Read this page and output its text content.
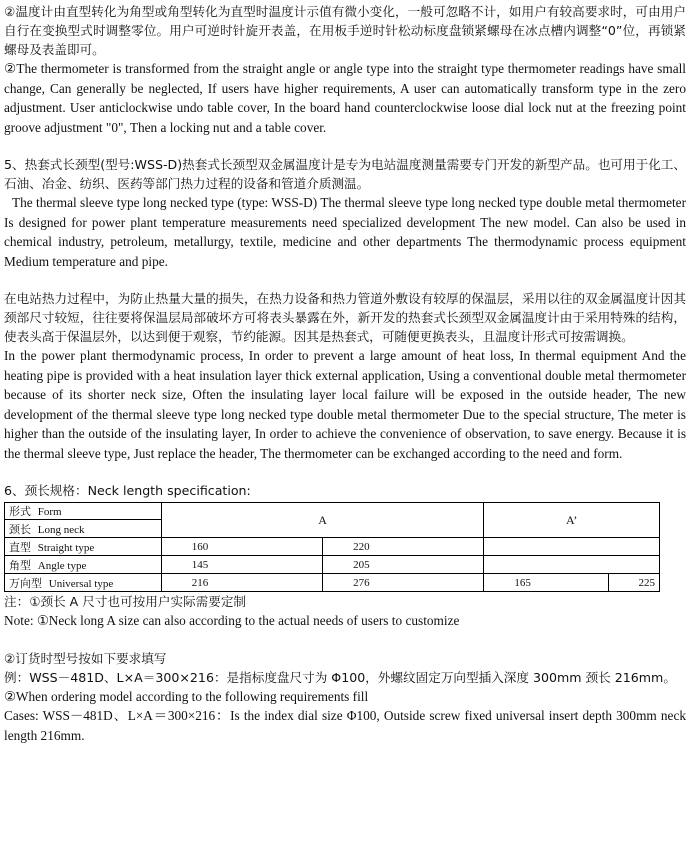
②温度计由直型转化为角型或角型转化为直型时温度计示值有微小变化，一般可忽略不计，如用户有较高要求时，可由用户自行在变换型式时调整零位。用户可逆时针旋开表盖，在用板手逆时针松动标度盘锁紧螺母在冰点槽内调整“0”位，再锁紧螺母及表盖即可。

②The thermometer is transformed from the straight angle or angle type into the straight type thermometer readings have small change, Can generally be neglected, If users have higher requirements, A user can automatically transform type in the zero adjustment. User anticlockwise undo table cover, In the board hand counterclockwise loose dial lock nut at the freezing point groove adjustment "0", Then a locking nut and a table cover.

5、热套式长颈型(型号:WSS-D)热套式长颈型双金属温度计是专为电站温度测量需要专门开发的新型产品。也可用于化工、石油、冶金、纺织、医药等部门热力过程的设备和管道介质测温。

The thermal sleeve type long necked type (type: WSS-D) The thermal sleeve type long necked type double metal thermometer Is designed for power plant temperature measurements need specialized development The new model. Can also be used in chemical industry, petroleum, metallurgy, textile, medicine and other departments The thermodynamic process equipment Medium temperature and pipe.

在电站热力过程中，为防止热量大量的损失，在热力设备和热力管道外敷设有较厚的保温层，采用以往的双金属温度计因其颈部尺寸较短，往往要将保温层局部破坏方可将表头暴露在外，新开发的热套式长颈型双金属温度计由于采用特殊的结构，使表头高于保温层外，以达到便于观察，节约能源。因其是热套式，可随便更换表头，且温度计形式可按需调换。

In the power plant thermodynamic process, In order to prevent a large amount of heat loss, In thermal equipment And the heating pipe is provided with a heat insulation layer thick external application, Using a conventional double metal thermometer because of its shorter neck size, Often the insulating layer local failure will be exposed in the outside header, The new development of the thermal sleeve type long necked type double metal thermometer Due to the special structure, The meter is higher than the outside of the insulating layer, In order to achieve the convenience of observation, to save energy. Because it is the thermal sleeve type, Just replace the header, The thermometer can be exchanged according to the need and form.

6、颈长规格：Neck length specification:

形式 Form	A		A’	
颈长 Long neck				
直型 Straight type	160	220		
角型 Angle type	145	205		
万向型 Universal type	216	276	165	225

注：①颈长 A 尺寸也可按用户实际需要定制

Note: ①Neck long A size can also according to the actual needs of users to customize

②订货时型号按如下要求填写

例：WSS－481D、L×A＝300×216：是指标度盘尺寸为 Φ100，外螺纹固定万向型插入深度 300mm 颈长 216mm。

②When ordering model according to the following requirements fill

Cases: WSS－481D、L×A＝300×216：Is the index dial size Φ100, Outside screw fixed universal insert depth 300mm neck length 216mm.
